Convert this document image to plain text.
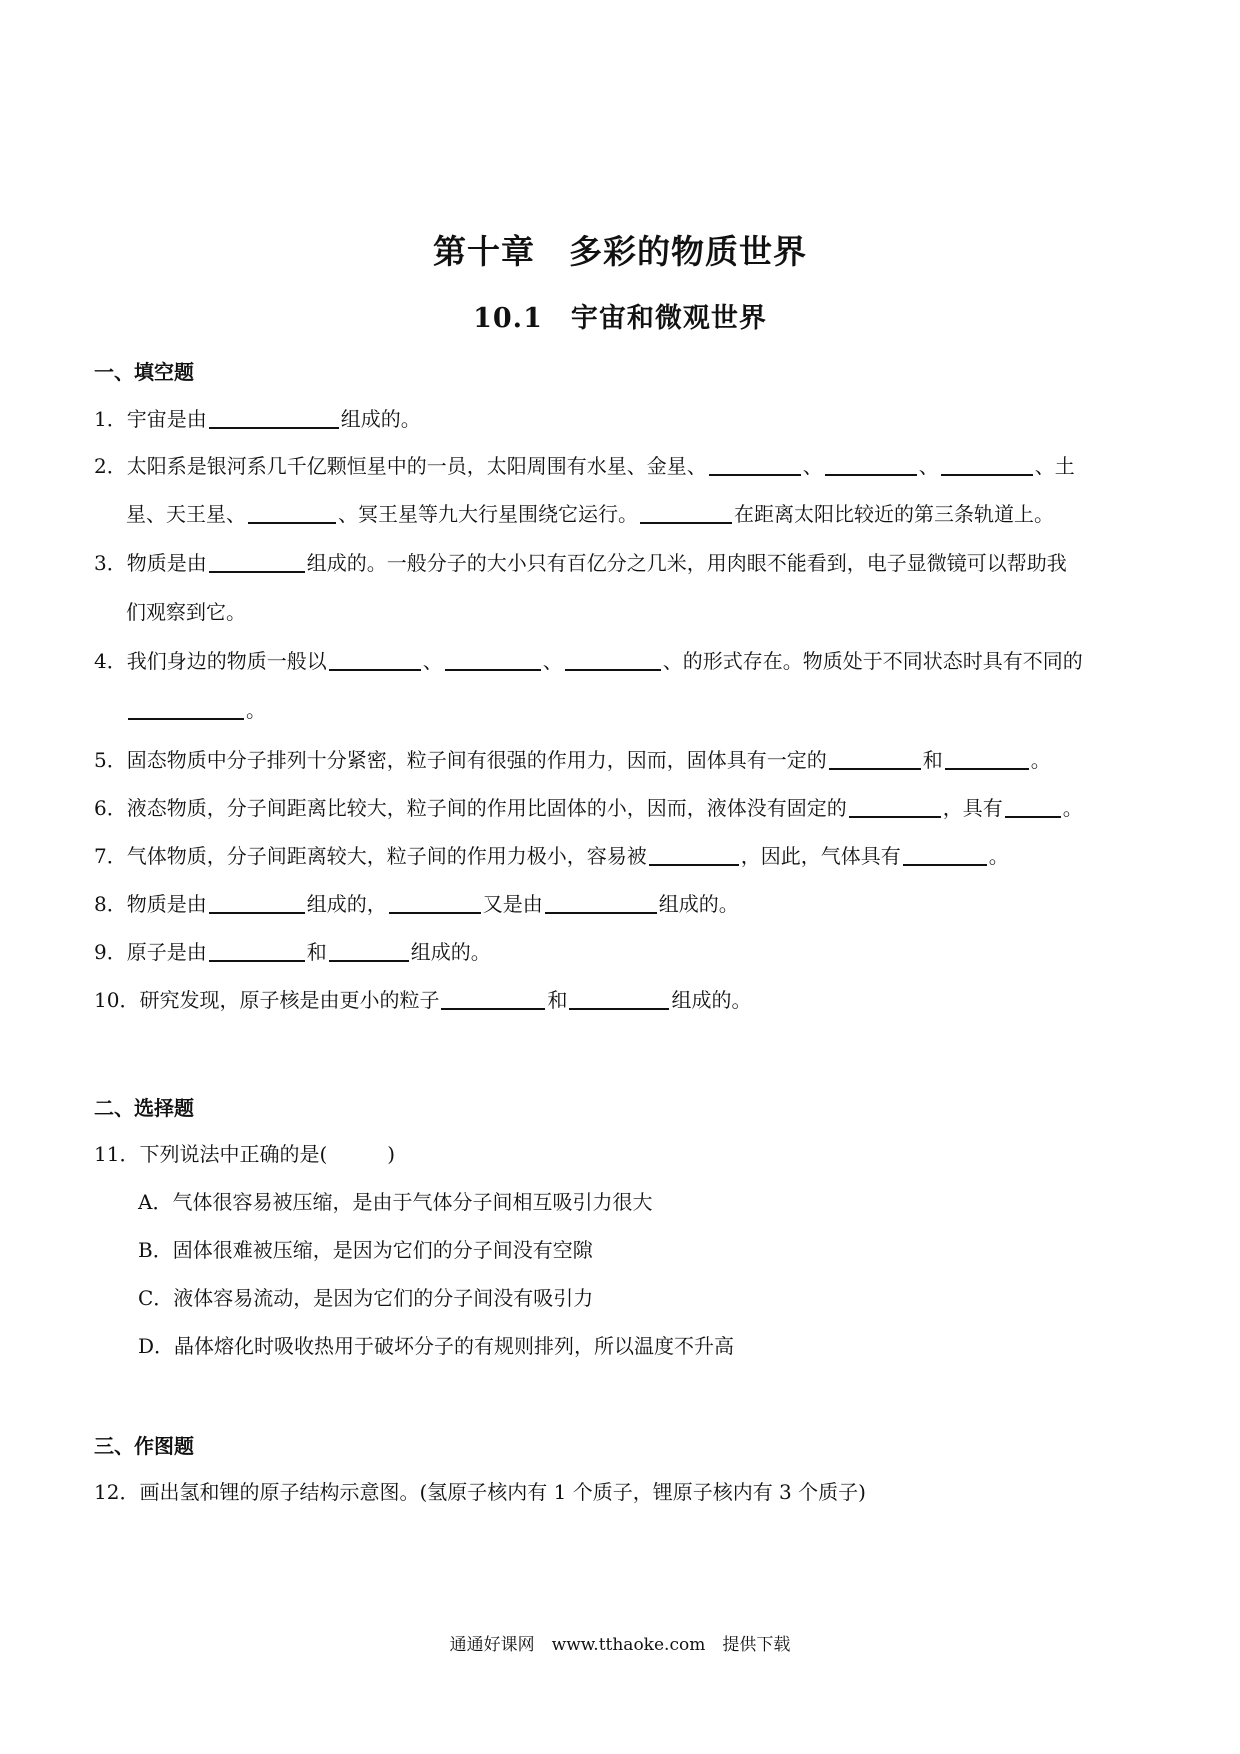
第十章　多彩的物质世界
10.1　宇宙和微观世界
一、填空题
1．宇宙是由	组成的。
2．太阳系是银河系几千亿颗恒星中的一员，太阳周围有水星、金星、	、	、	、土
星、天王星、	、冥王星等九大行星围绕它运行。	在距离太阳比较近的第三条轨道上。
3．物质是由	组成的。一般分子的大小只有百亿分之几米，用肉眼不能看到，电子显微镜可以帮助我
们观察到它。
4．我们身边的物质一般以	、	、	、的形式存在。物质处于不同状态时具有不同的
。
5．固态物质中分子排列十分紧密，粒子间有很强的作用力，因而，固体具有一定的	和	。
6．液态物质，分子间距离比较大，粒子间的作用比固体的小，因而，液体没有固定的	，具有	。
7．气体物质，分子间距离较大，粒子间的作用力极小，容易被	，因此，气体具有	。
8．物质是由	组成的，	又是由	组成的。
9．原子是由	和	组成的。
10．研究发现，原子核是由更小的粒子	和	组成的。
二、选择题
11．下列说法中正确的是(　　　)
A．气体很容易被压缩，是由于气体分子间相互吸引力很大
B．固体很难被压缩，是因为它们的分子间没有空隙
C．液体容易流动，是因为它们的分子间没有吸引力
D．晶体熔化时吸收热用于破坏分子的有规则排列，所以温度不升高
三、作图题
12．画出氢和锂的原子结构示意图。(氢原子核内有 1 个质子，锂原子核内有 3 个质子)
通通好课网　www.tthaoke.com　提供下载
